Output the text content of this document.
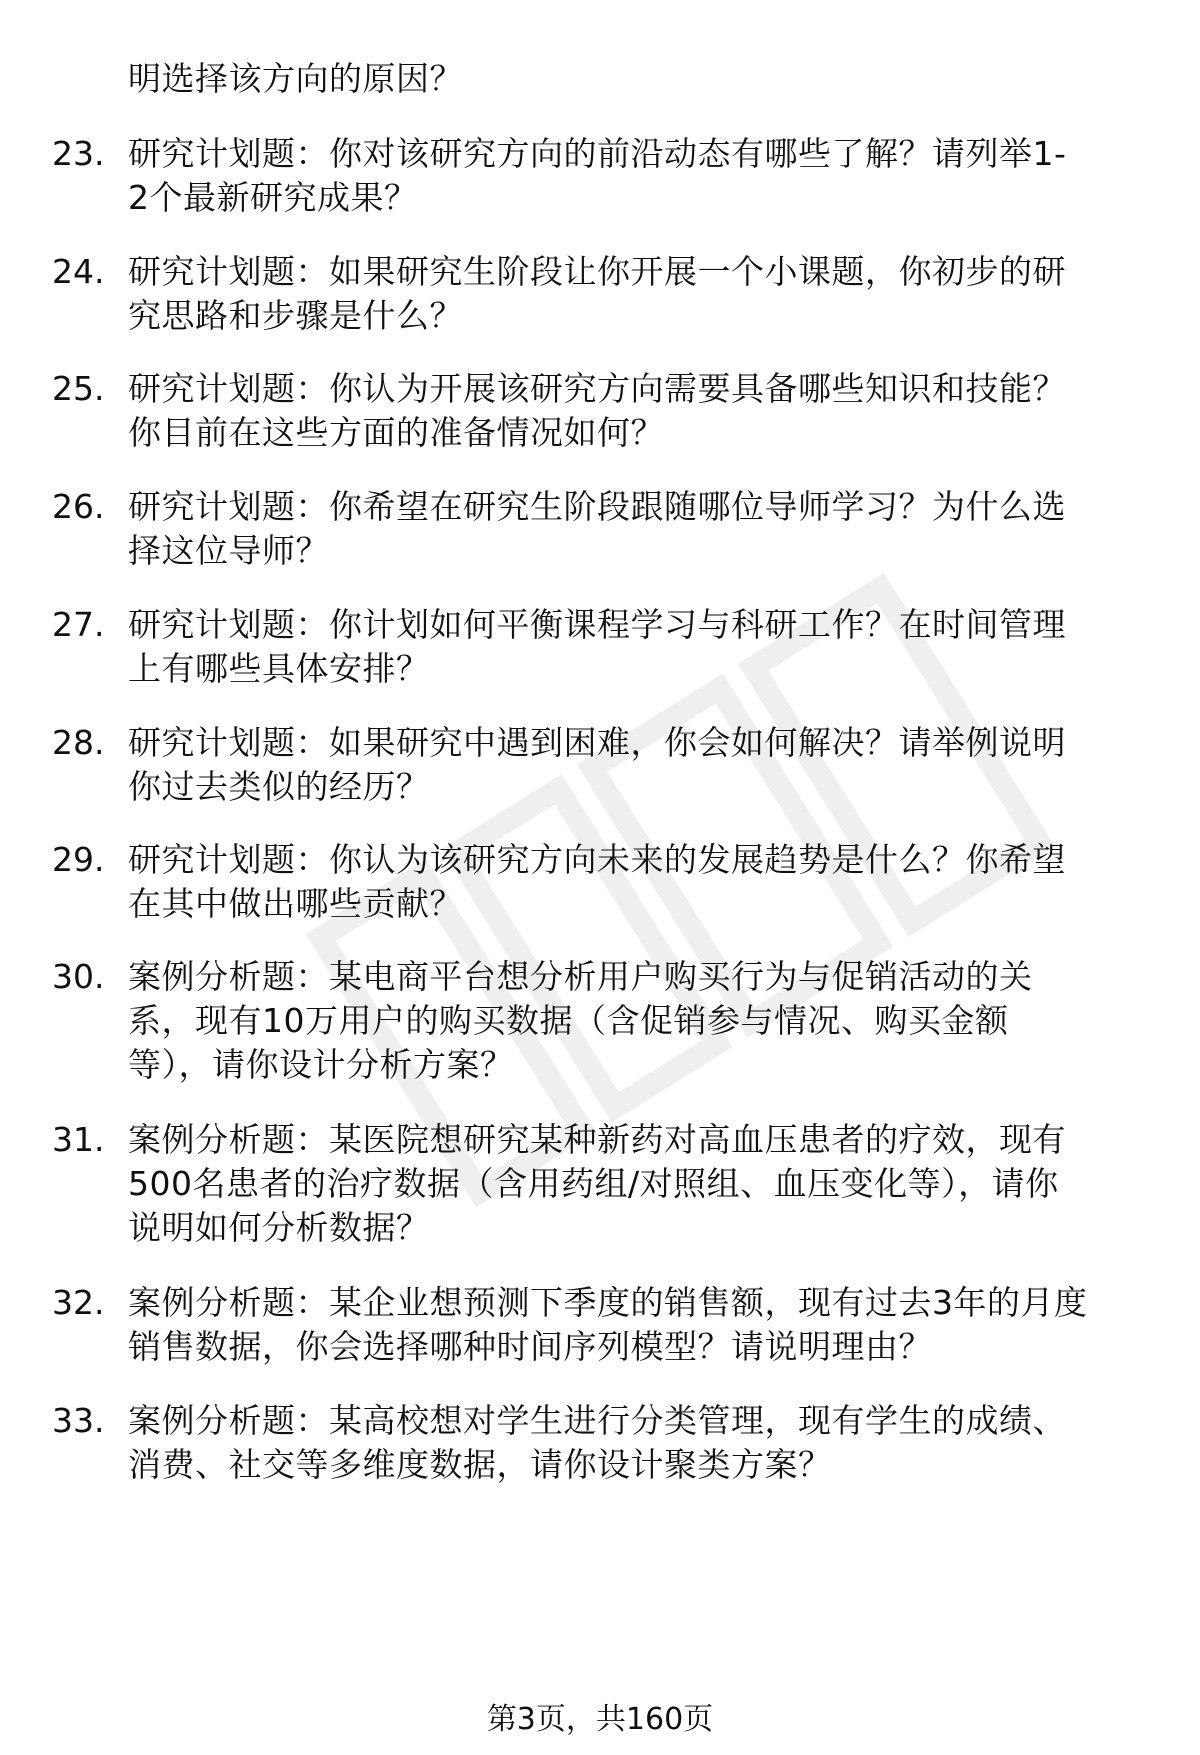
明选择该方向的原因？
23. 研究计划题：你对该研究方向的前沿动态有哪些了解？请列举1-
2个最新研究成果？
24. 研究计划题：如果研究生阶段让你开展一个小课题，你初步的研
究思路和步骤是什么？
25. 研究计划题：你认为开展该研究方向需要具备哪些知识和技能？
你目前在这些方面的准备情况如何？
26. 研究计划题：你希望在研究生阶段跟随哪位导师学习？为什么选
择这位导师？
27. 研究计划题：你计划如何平衡课程学习与科研工作？在时间管理
上有哪些具体安排？
28. 研究计划题：如果研究中遇到困难，你会如何解决？请举例说明
你过去类似的经历？
29. 研究计划题：你认为该研究方向未来的发展趋势是什么？你希望
在其中做出哪些贡献？
30. 案例分析题：某电商平台想分析用户购买行为与促销活动的关
系，现有10万用户的购买数据（含促销参与情况、购买金额
等），请你设计分析方案？
31. 案例分析题：某医院想研究某种新药对高血压患者的疗效，现有
500名患者的治疗数据（含用药组/对照组、血压变化等），请你
说明如何分析数据？
32. 案例分析题：某企业想预测下季度的销售额，现有过去3年的月度
销售数据，你会选择哪种时间序列模型？请说明理由？
33. 案例分析题：某高校想对学生进行分类管理，现有学生的成绩、
消费、社交等多维度数据，请你设计聚类方案？
第3页，共160页
